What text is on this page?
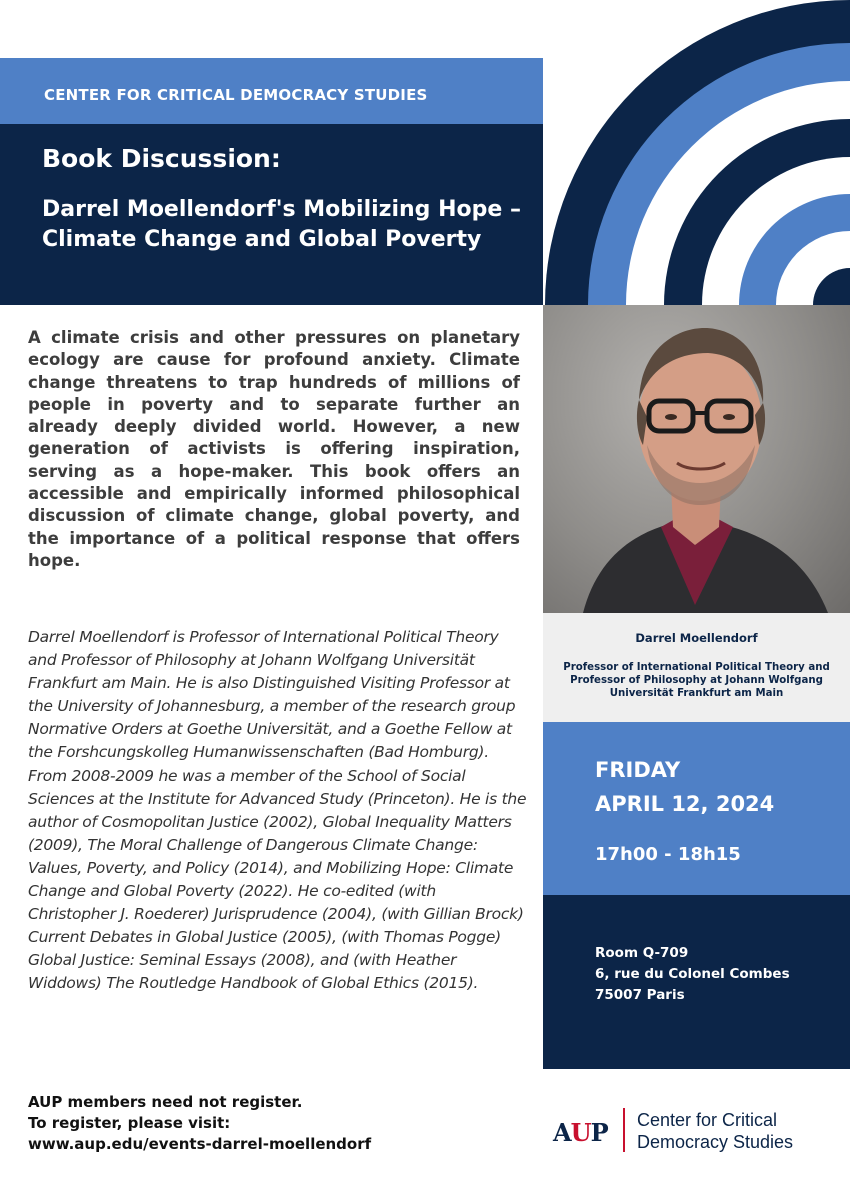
CENTER FOR CRITICAL DEMOCRACY STUDIES
Book Discussion:
Darrel Moellendorf's Mobilizing Hope – Climate Change and Global Poverty

A climate crisis and other pressures on planetary ecology are cause for profound anxiety. Climate change threatens to trap hundreds of millions of people in poverty and to separate further an already deeply divided world. However, a new generation of activists is offering inspiration, serving as a hope-maker. This book offers an accessible and empirically informed philosophical discussion of climate change, global poverty, and the importance of a political response that offers hope.

Darrel Moellendorf is Professor of International Political Theory and Professor of Philosophy at Johann Wolfgang Universität Frankfurt am Main. He is also Distinguished Visiting Professor at the University of Johannesburg, a member of the research group Normative Orders at Goethe Universität, and a Goethe Fellow at the Forshcungskolleg Humanwissenschaften (Bad Homburg). From 2008-2009 he was a member of the School of Social Sciences at the Institute for Advanced Study (Princeton). He is the author of Cosmopolitan Justice (2002), Global Inequality Matters (2009), The Moral Challenge of Dangerous Climate Change: Values, Poverty, and Policy (2014), and Mobilizing Hope: Climate Change and Global Poverty (2022). He co-edited (with Christopher J. Roederer) Jurisprudence (2004), (with Gillian Brock) Current Debates in Global Justice (2005), (with Thomas Pogge) Global Justice: Seminal Essays (2008), and (with Heather Widdows) The Routledge Handbook of Global Ethics (2015).

AUP members need not register.
To register, please visit:
www.aup.edu/events-darrel-moellendorf
Darrel Moellendorf
Professor of International Political Theory and Professor of Philosophy at Johann Wolfgang Universität Frankfurt am Main
FRIDAY
APRIL 12, 2024
17h00 - 18h15
Room Q-709
6, rue du Colonel Combes
75007 Paris
AUP Center for Critical
Democracy Studies
